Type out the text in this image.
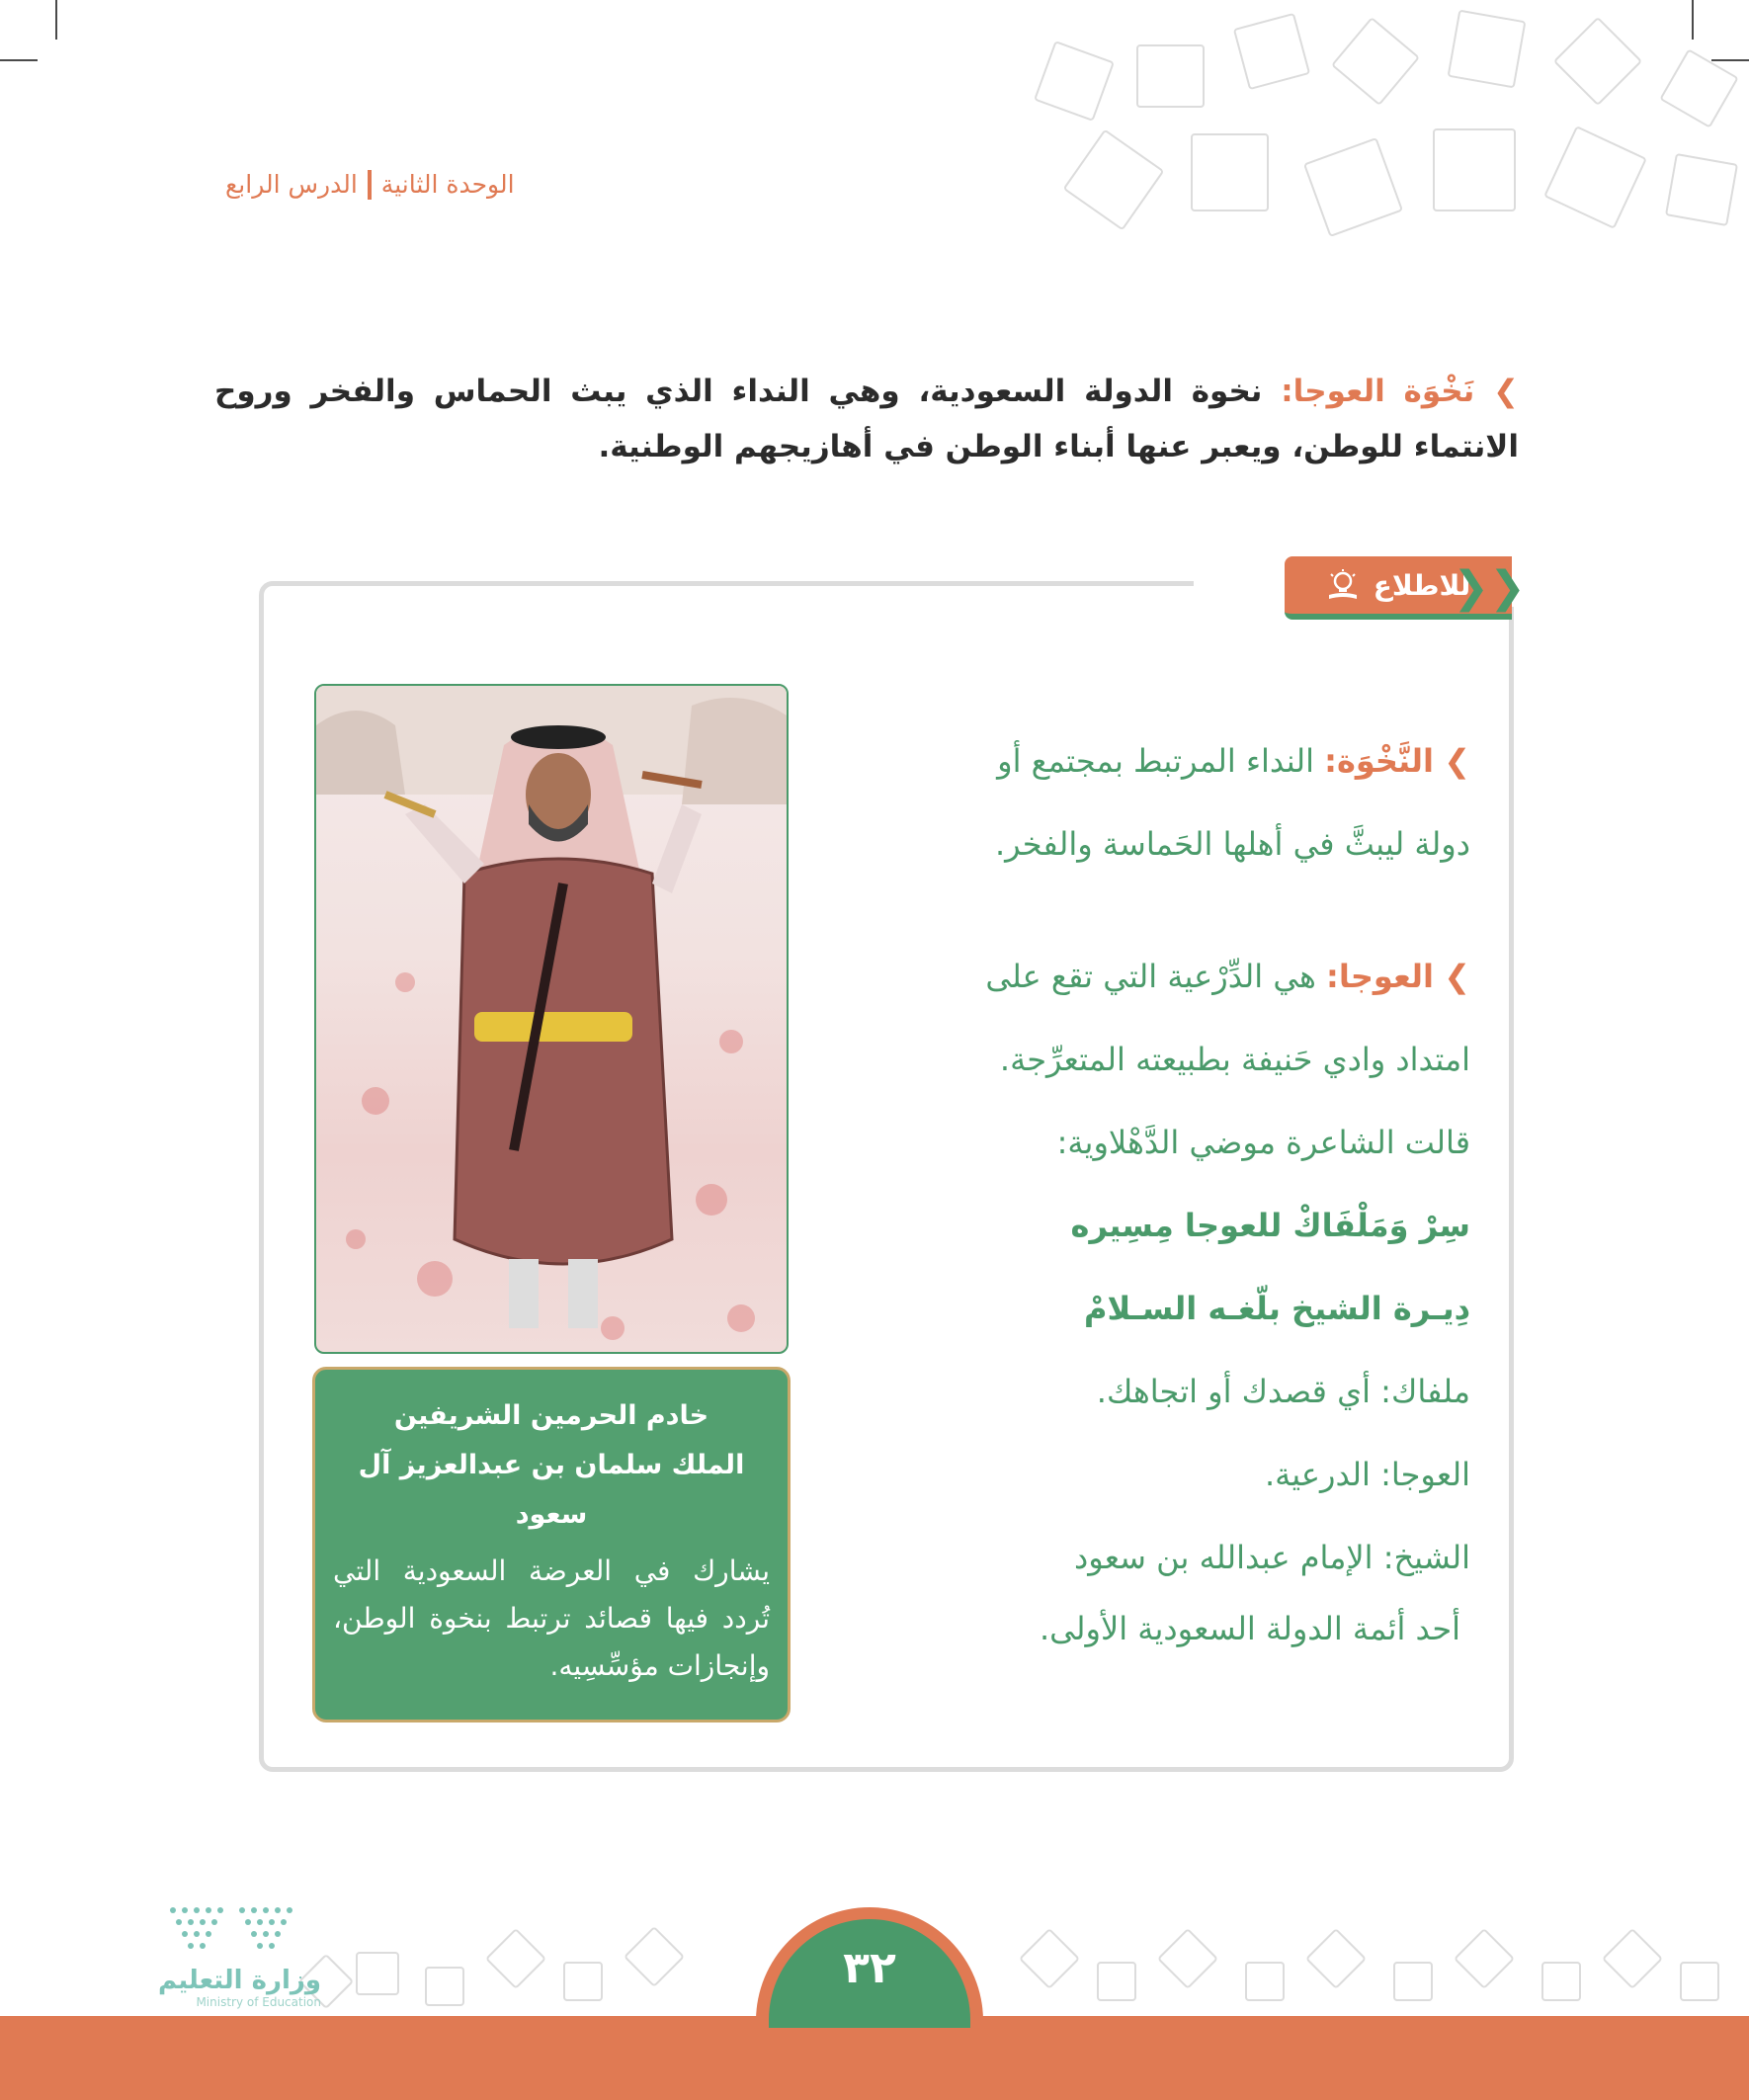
الدرس الرابع الوحدة الثانية
❯ نَخْوَة العوجا: نخوة الدولة السعودية، وهي النداء الذي يبث الحماس والفخر وروح الانتماء للوطن، ويعبر عنها أبناء الوطن في أهازيجهم الوطنية.
للاطلاع
❮❮
خادم الحرمين الشريفين
الملك سلمان بن عبدالعزيز آل سعود
يشارك في العرضة السعودية التي تُردد فيها قصائد ترتبط بنخوة الوطن، وإنجازات مؤسِّسِيه.
❯ النَّخْوَة: النداء المرتبط بمجتمع أو
دولة ليبثَّ في أهلها الحَماسة والفخر.
❯ العوجا: هي الدِّرْعية التي تقع على
امتداد وادي حَنيفة بطبيعته المتعرِّجة.
قالت الشاعرة موضي الدَّهْلاوية:
سِرْ وَمَلْفَاكْ للعوجا مِسِيره
دِيـرة الشيخ بلّغـه السـلامْ
ملفاك: أي قصدك أو اتجاهك.
العوجا: الدرعية.
الشيخ: الإمام عبدالله بن سعود
أحد أئمة الدولة السعودية الأولى.
٣٢
وزارة التعليم
Ministry of Education
